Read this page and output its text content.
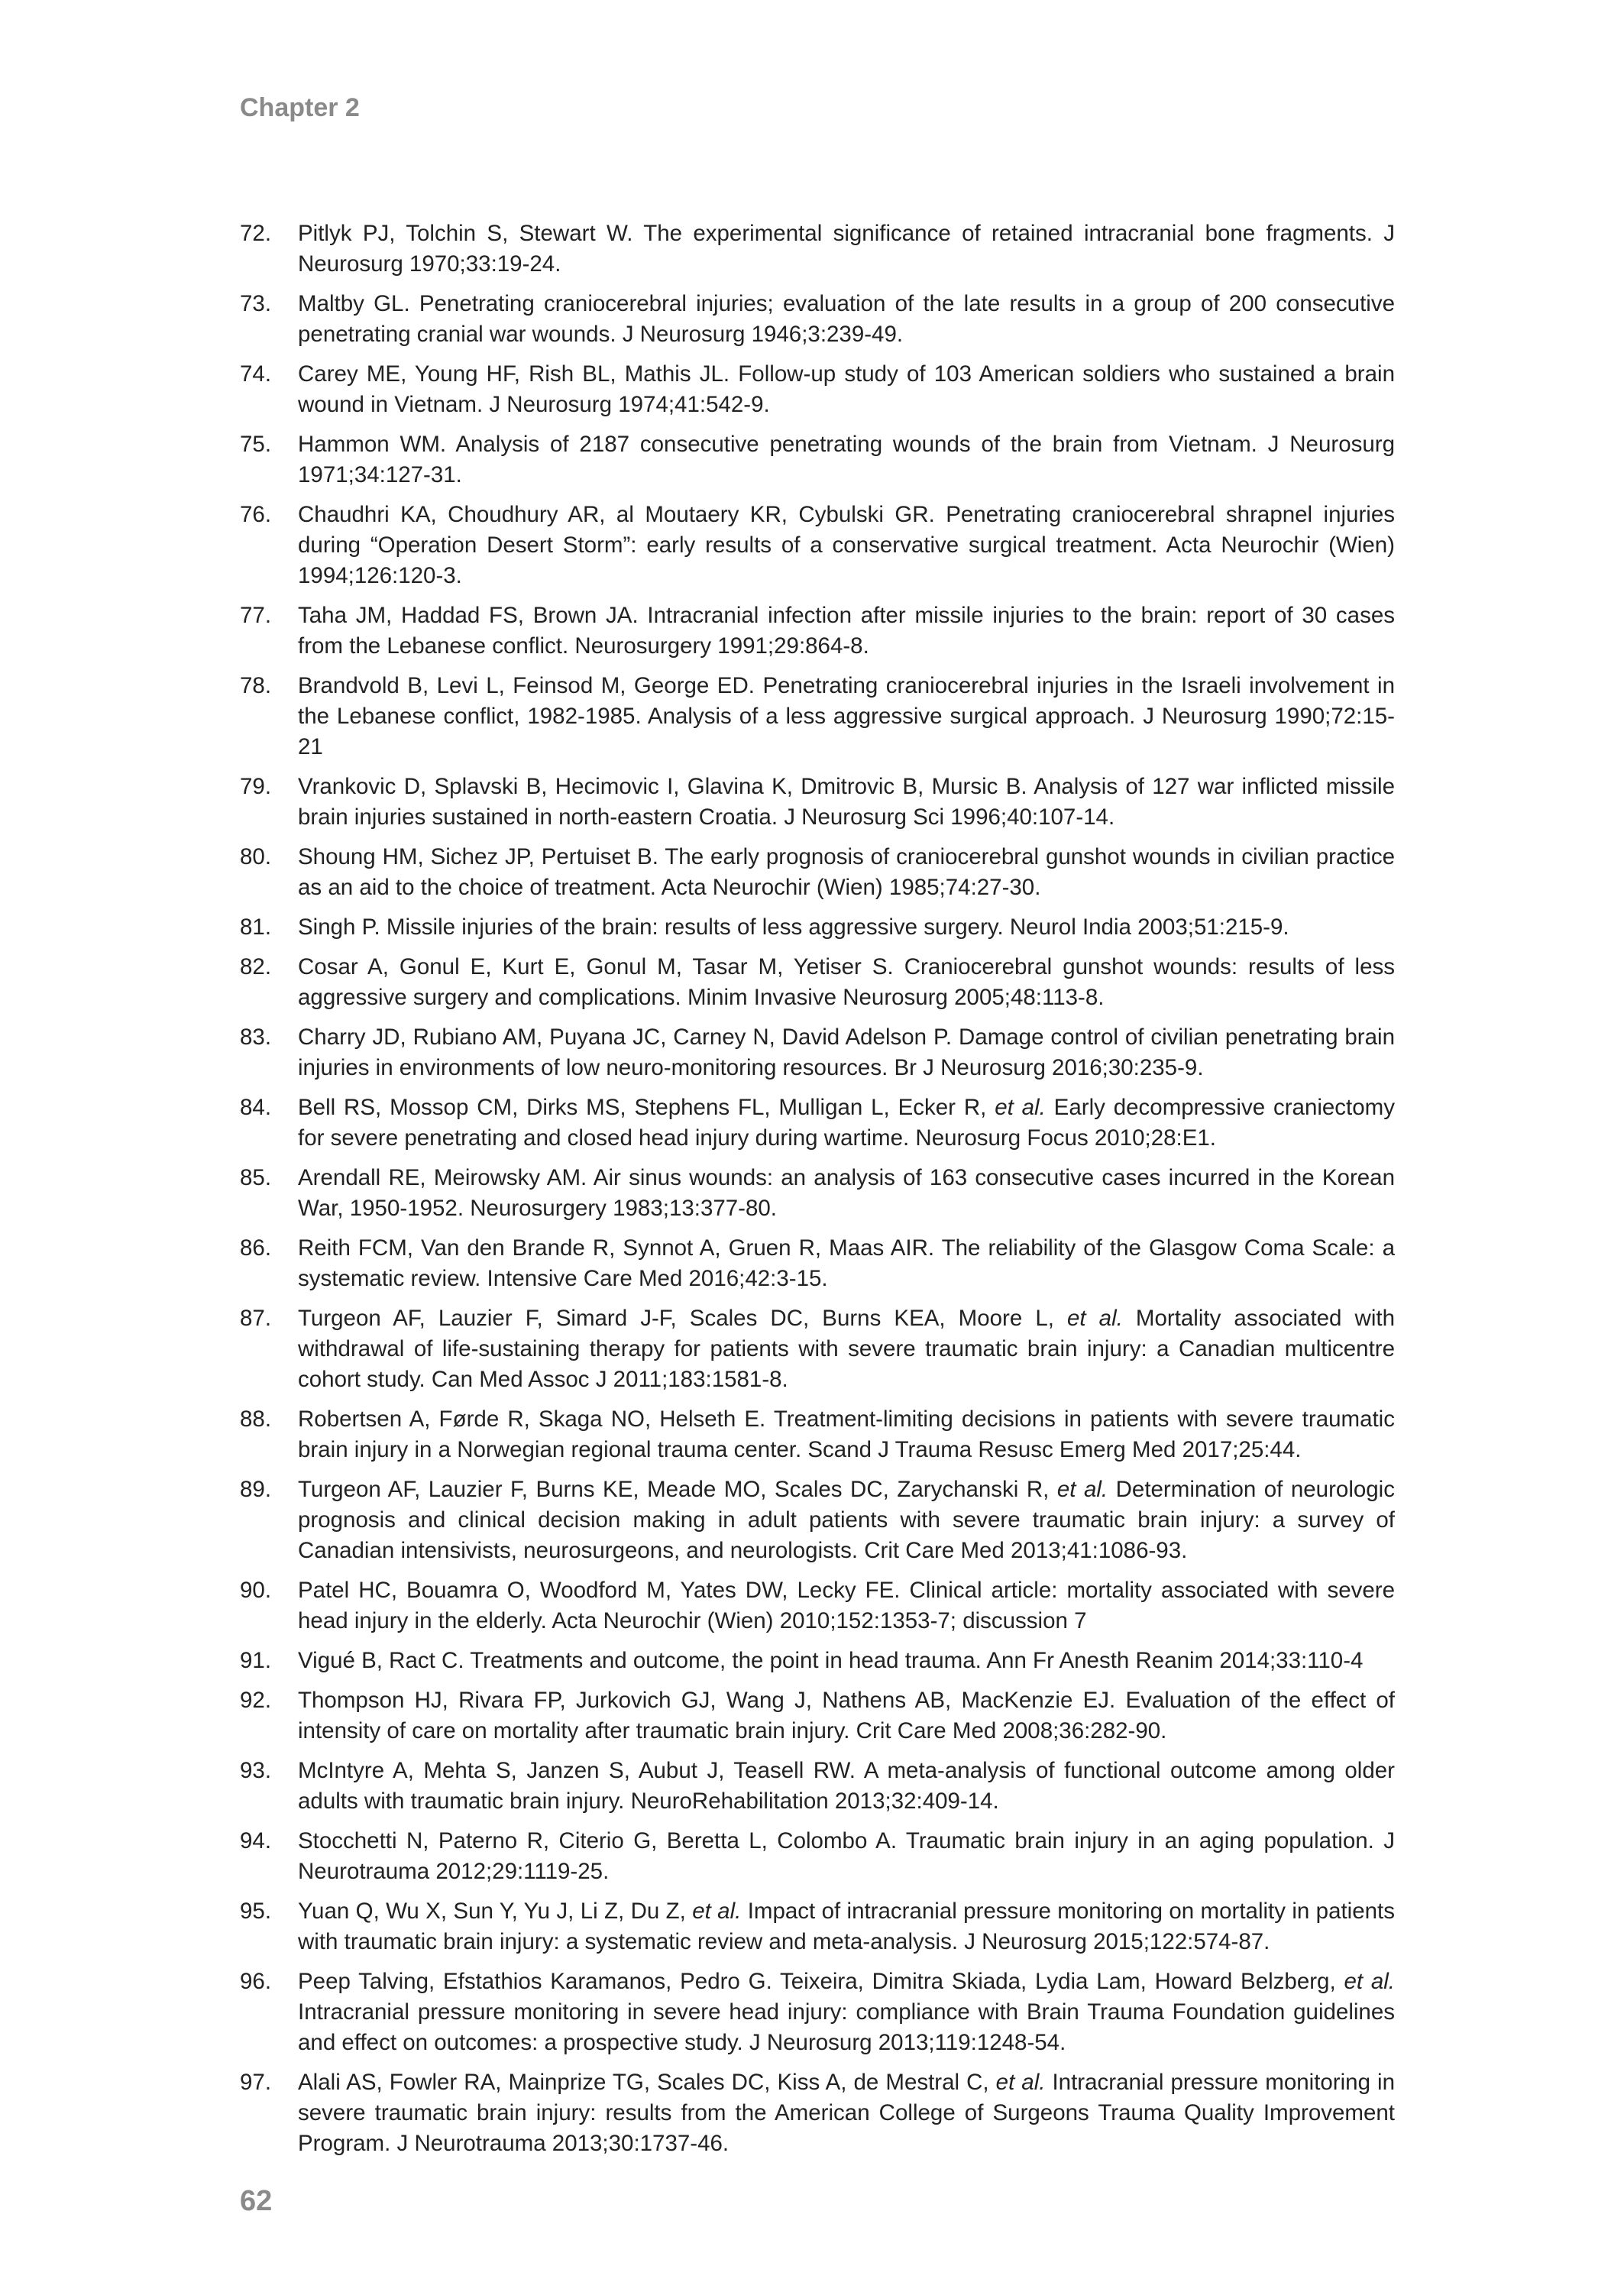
Chapter 2
72.	Pitlyk PJ, Tolchin S, Stewart W. The experimental significance of retained intracranial bone fragments. J Neurosurg 1970;33:19-24.
73.	Maltby GL. Penetrating craniocerebral injuries; evaluation of the late results in a group of 200 consecutive penetrating cranial war wounds. J Neurosurg 1946;3:239-49.
74.	Carey ME, Young HF, Rish BL, Mathis JL. Follow-up study of 103 American soldiers who sustained a brain wound in Vietnam. J Neurosurg 1974;41:542-9.
75.	Hammon WM. Analysis of 2187 consecutive penetrating wounds of the brain from Vietnam. J Neurosurg 1971;34:127-31.
76.	Chaudhri KA, Choudhury AR, al Moutaery KR, Cybulski GR. Penetrating craniocerebral shrapnel injuries during “Operation Desert Storm”: early results of a conservative surgical treatment. Acta Neurochir (Wien) 1994;126:120-3.
77.	Taha JM, Haddad FS, Brown JA. Intracranial infection after missile injuries to the brain: report of 30 cases from the Lebanese conflict. Neurosurgery 1991;29:864-8.
78.	Brandvold B, Levi L, Feinsod M, George ED. Penetrating craniocerebral injuries in the Israeli involvement in the Lebanese conflict, 1982-1985. Analysis of a less aggressive surgical approach. J Neurosurg 1990;72:15-21
79.	Vrankovic D, Splavski B, Hecimovic I, Glavina K, Dmitrovic B, Mursic B. Analysis of 127 war inflicted missile brain injuries sustained in north-eastern Croatia. J Neurosurg Sci 1996;40:107-14.
80.	Shoung HM, Sichez JP, Pertuiset B. The early prognosis of craniocerebral gunshot wounds in civilian practice as an aid to the choice of treatment. Acta Neurochir (Wien) 1985;74:27-30.
81.	Singh P. Missile injuries of the brain: results of less aggressive surgery. Neurol India 2003;51:215-9.
82.	Cosar A, Gonul E, Kurt E, Gonul M, Tasar M, Yetiser S. Craniocerebral gunshot wounds: results of less aggressive surgery and complications. Minim Invasive Neurosurg 2005;48:113-8.
83.	Charry JD, Rubiano AM, Puyana JC, Carney N, David Adelson P. Damage control of civilian penetrating brain injuries in environments of low neuro-monitoring resources. Br J Neurosurg 2016;30:235-9.
84.	Bell RS, Mossop CM, Dirks MS, Stephens FL, Mulligan L, Ecker R, et al. Early decompressive craniectomy for severe penetrating and closed head injury during wartime. Neurosurg Focus 2010;28:E1.
85.	Arendall RE, Meirowsky AM. Air sinus wounds: an analysis of 163 consecutive cases incurred in the Korean War, 1950-1952. Neurosurgery 1983;13:377-80.
86.	Reith FCM, Van den Brande R, Synnot A, Gruen R, Maas AIR. The reliability of the Glasgow Coma Scale: a systematic review. Intensive Care Med 2016;42:3-15.
87.	Turgeon AF, Lauzier F, Simard J-F, Scales DC, Burns KEA, Moore L, et al. Mortality associated with withdrawal of life-sustaining therapy for patients with severe traumatic brain injury: a Canadian multicentre cohort study. Can Med Assoc J 2011;183:1581-8.
88.	Robertsen A, Førde R, Skaga NO, Helseth E. Treatment-limiting decisions in patients with severe traumatic brain injury in a Norwegian regional trauma center. Scand J Trauma Resusc Emerg Med 2017;25:44.
89.	Turgeon AF, Lauzier F, Burns KE, Meade MO, Scales DC, Zarychanski R, et al. Determination of neurologic prognosis and clinical decision making in adult patients with severe traumatic brain injury: a survey of Canadian intensivists, neurosurgeons, and neurologists. Crit Care Med 2013;41:1086-93.
90.	Patel HC, Bouamra O, Woodford M, Yates DW, Lecky FE. Clinical article: mortality associated with severe head injury in the elderly. Acta Neurochir (Wien) 2010;152:1353-7; discussion 7
91.	Vigué B, Ract C. Treatments and outcome, the point in head trauma. Ann Fr Anesth Reanim 2014;33:110-4
92.	Thompson HJ, Rivara FP, Jurkovich GJ, Wang J, Nathens AB, MacKenzie EJ. Evaluation of the effect of intensity of care on mortality after traumatic brain injury. Crit Care Med 2008;36:282-90.
93.	McIntyre A, Mehta S, Janzen S, Aubut J, Teasell RW. A meta-analysis of functional outcome among older adults with traumatic brain injury. NeuroRehabilitation 2013;32:409-14.
94.	Stocchetti N, Paterno R, Citerio G, Beretta L, Colombo A. Traumatic brain injury in an aging population. J Neurotrauma 2012;29:1119-25.
95.	Yuan Q, Wu X, Sun Y, Yu J, Li Z, Du Z, et al. Impact of intracranial pressure monitoring on mortality in patients with traumatic brain injury: a systematic review and meta-analysis. J Neurosurg 2015;122:574-87.
96.	Peep Talving, Efstathios Karamanos, Pedro G. Teixeira, Dimitra Skiada, Lydia Lam, Howard Belzberg, et al. Intracranial pressure monitoring in severe head injury: compliance with Brain Trauma Foundation guidelines and effect on outcomes: a prospective study. J Neurosurg 2013;119:1248-54.
97.	Alali AS, Fowler RA, Mainprize TG, Scales DC, Kiss A, de Mestral C, et al. Intracranial pressure monitoring in severe traumatic brain injury: results from the American College of Surgeons Trauma Quality Improvement Program. J Neurotrauma 2013;30:1737-46.
62
